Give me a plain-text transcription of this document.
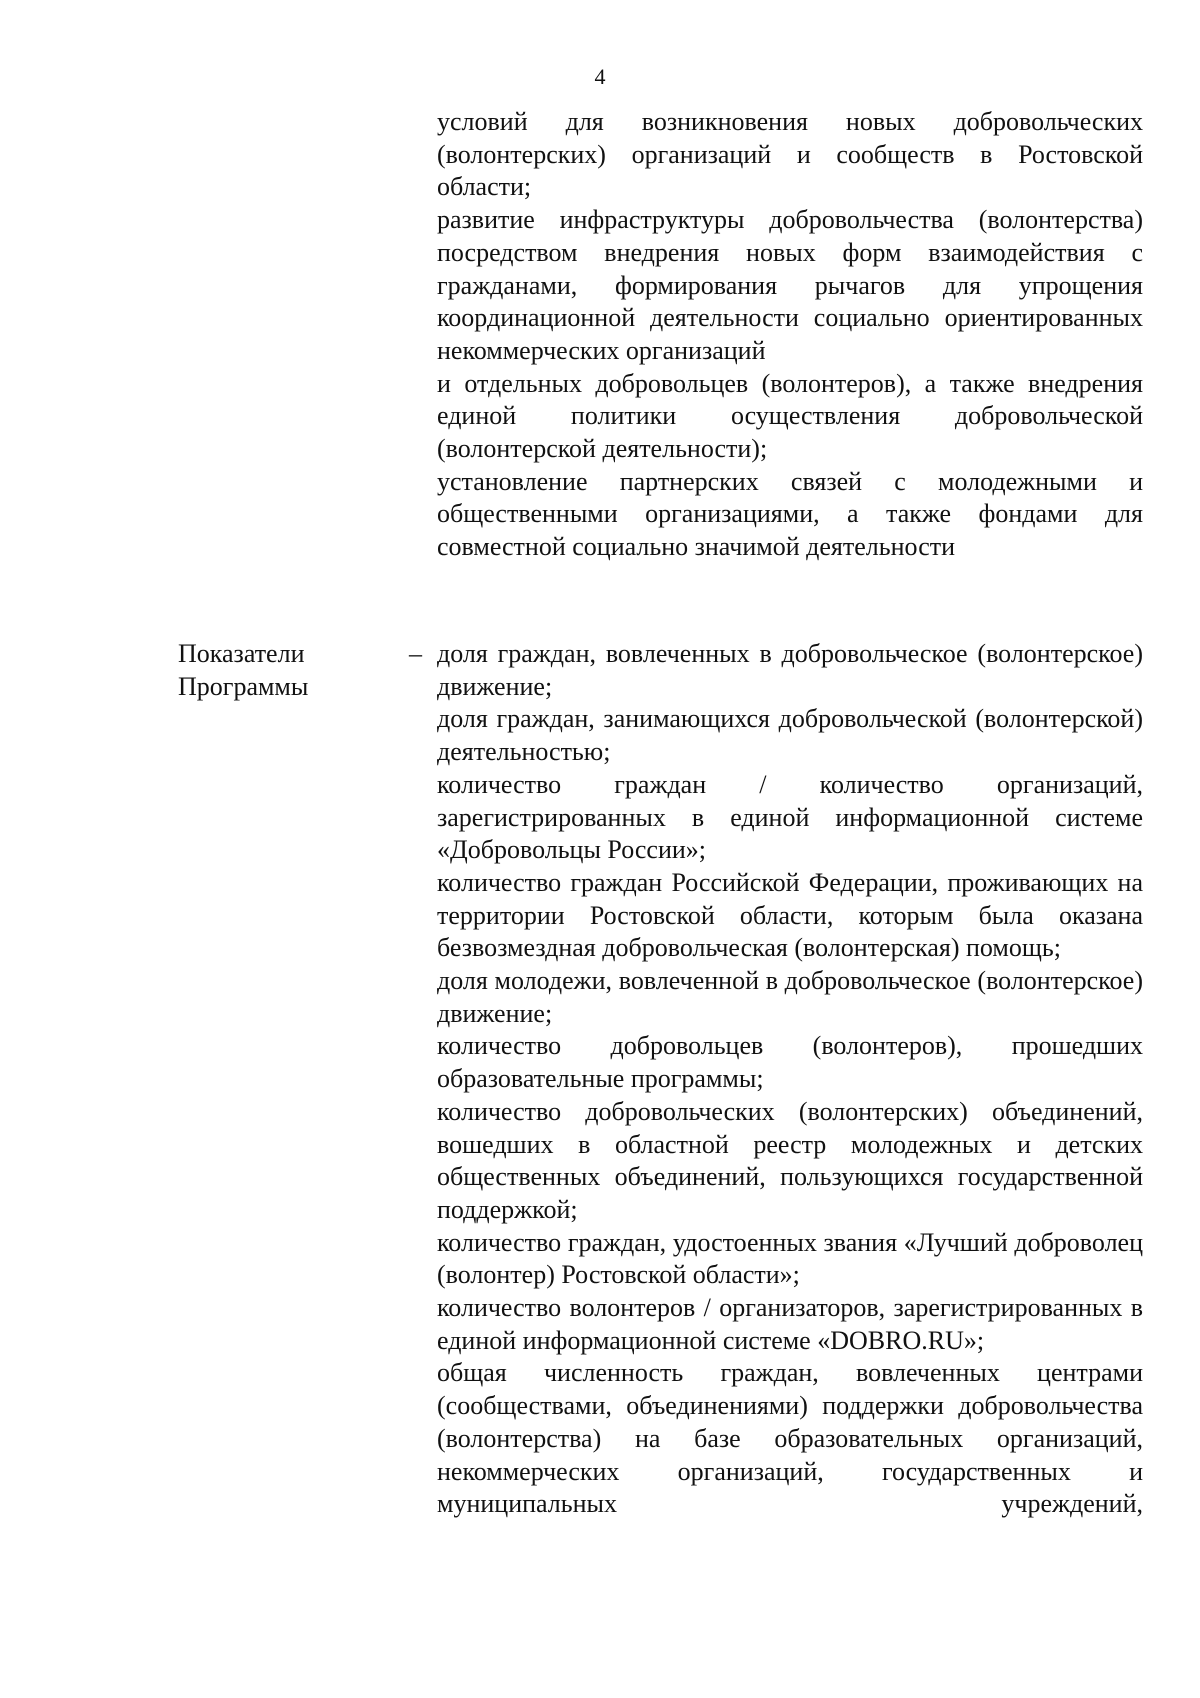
4

условий для возникновения новых добровольческих (волонтерских) организаций и сообществ в Ростовской области;

развитие инфраструктуры добровольчества (волонтерства) посредством внедрения новых форм взаимодействия с гражданами, формирования рычагов для упрощения координационной деятельности социально ориентированных некоммерческих организаций

и отдельных добровольцев (волонтеров), а также внедрения единой политики осуществления добровольческой (волонтерской деятельности);

установление партнерских связей с молодежными и общественными организациями, а также фондами для совместной социально значимой деятельности

Показатели
Программы
– доля граждан, вовлеченных в добровольческое (волонтерское) движение;

доля граждан, занимающихся добровольческой (волонтерской) деятельностью;

количество граждан / количество организаций, зарегистрированных в единой информационной системе «Добровольцы России»;

количество граждан Российской Федерации, проживающих на территории Ростовской области, которым была оказана безвозмездная добровольческая (волонтерская) помощь;

доля молодежи, вовлеченной в добровольческое (волонтерское) движение;

количество добровольцев (волонтеров), прошедших образовательные программы;

количество добровольческих (волонтерских) объединений, вошедших в областной реестр молодежных и детских общественных объединений, пользующихся государственной поддержкой;

количество граждан, удостоенных звания «Лучший доброволец (волонтер) Ростовской области»;

количество волонтеров / организаторов, зарегистрированных в единой информационной системе «DOBRO.RU»;

общая численность граждан, вовлеченных центрами (сообществами, объединениями) поддержки добровольчества (волонтерства) на базе образовательных организаций, некоммерческих организаций, государственных и муниципальных учреждений,
